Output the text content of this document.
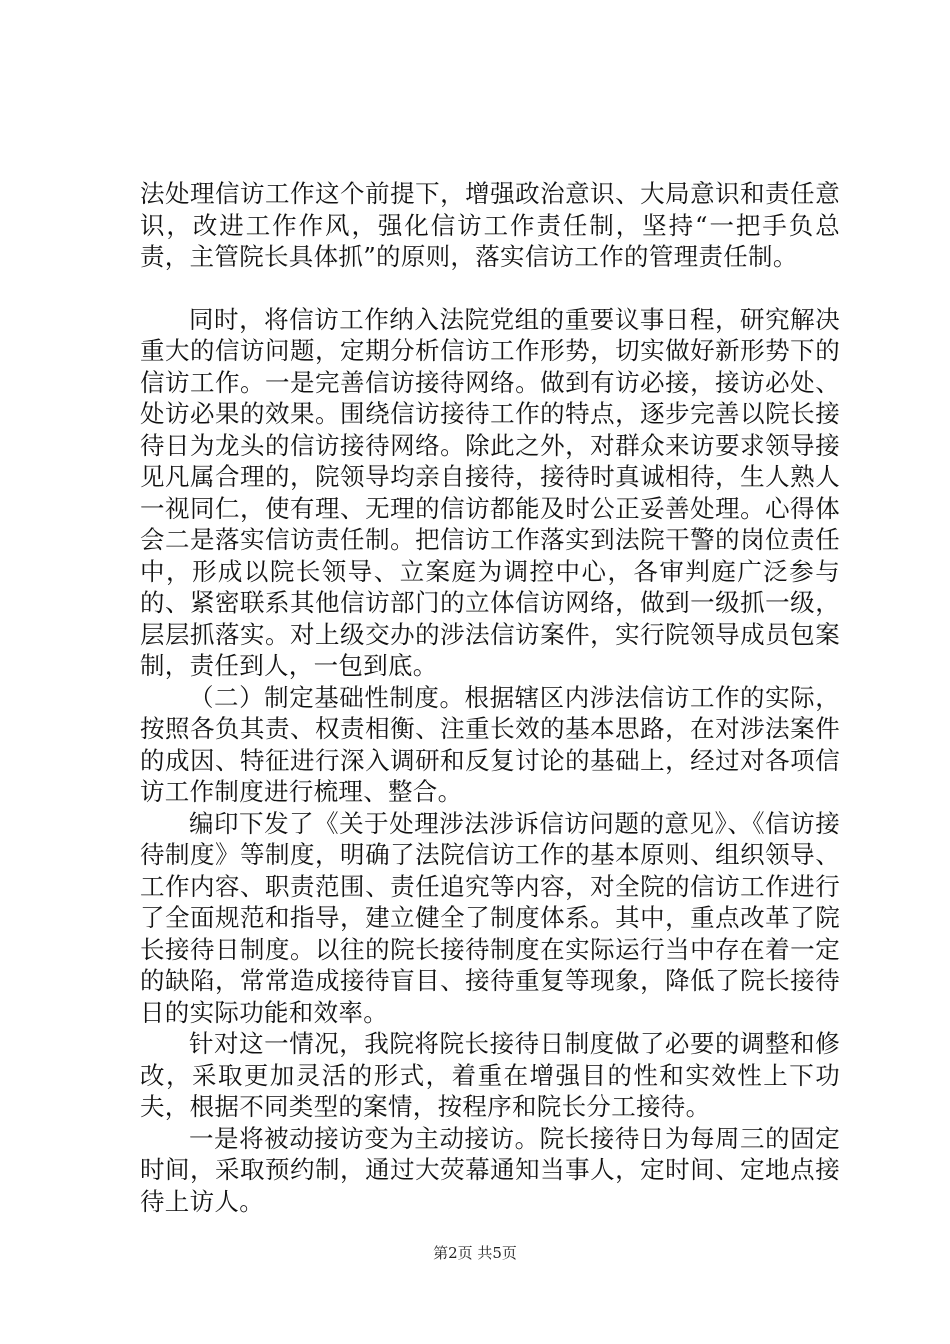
法处理信访工作这个前提下，增强政治意识、大局意识和责任意识，改进工作作风，强化信访工作责任制，坚持“一把手负总责，主管院长具体抓”的原则，落实信访工作的管理责任制。

同时，将信访工作纳入法院党组的重要议事日程，研究解决重大的信访问题，定期分析信访工作形势，切实做好新形势下的信访工作。一是完善信访接待网络。做到有访必接，接访必处、处访必果的效果。围绕信访接待工作的特点，逐步完善以院长接待日为龙头的信访接待网络。除此之外，对群众来访要求领导接见凡属合理的，院领导均亲自接待，接待时真诚相待，生人熟人一视同仁，使有理、无理的信访都能及时公正妥善处理。心得体会二是落实信访责任制。把信访工作落实到法院干警的岗位责任中，形成以院长领导、立案庭为调控中心，各审判庭广泛参与的、紧密联系其他信访部门的立体信访网络，做到一级抓一级，层层抓落实。对上级交办的涉法信访案件，实行院领导成员包案制，责任到人，一包到底。

（二）制定基础性制度。根据辖区内涉法信访工作的实际，按照各负其责、权责相衡、注重长效的基本思路，在对涉法案件的成因、特征进行深入调研和反复讨论的基础上，经过对各项信访工作制度进行梳理、整合。

编印下发了《关于处理涉法涉诉信访问题的意见》、《信访接待制度》等制度，明确了法院信访工作的基本原则、组织领导、工作内容、职责范围、责任追究等内容，对全院的信访工作进行了全面规范和指导，建立健全了制度体系。其中，重点改革了院长接待日制度。以往的院长接待制度在实际运行当中存在着一定的缺陷，常常造成接待盲目、接待重复等现象，降低了院长接待日的实际功能和效率。

针对这一情况，我院将院长接待日制度做了必要的调整和修改，采取更加灵活的形式，着重在增强目的性和实效性上下功夫，根据不同类型的案情，按程序和院长分工接待。

一是将被动接访变为主动接访。院长接待日为每周三的固定时间，采取预约制，通过大荧幕通知当事人，定时间、定地点接待上访人。

第2页 共5页
